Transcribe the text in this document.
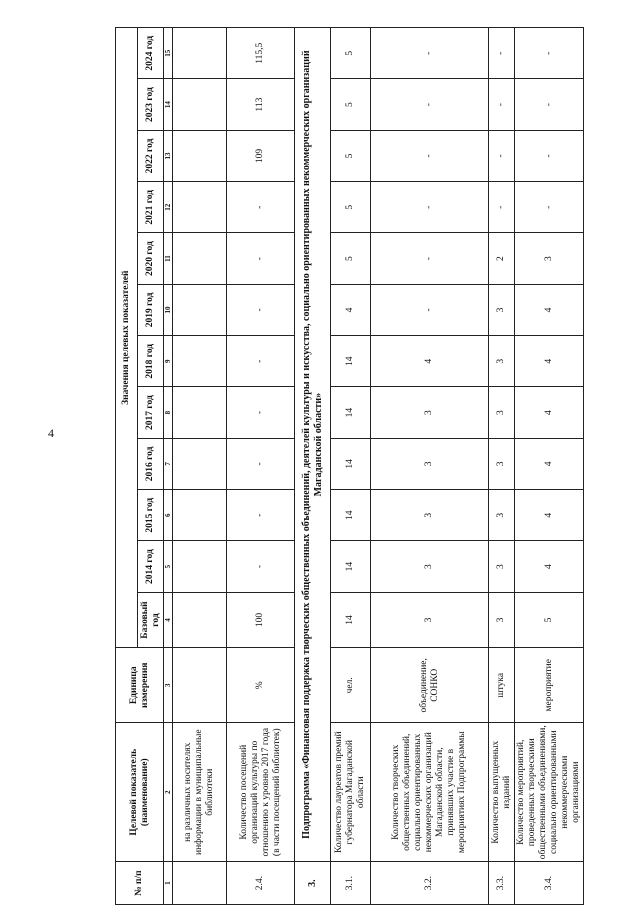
4
№ п/п	Целевой показатель (наименование)	Единица измерения	Значения целевых показателей											
			Базовый год	2014 год	2015 год	2016 год	2017 год	2018 год	2019 год	2020 год	2021 год	2022 год	2023 год	2024 год
1	2	3	4	5	6	7	8	9	10	11	12	13	14	15
	на различных носителях информации в муниципальные библиотеки													
2.4.	Количество посещений организаций культуры по отношению к уровню 2017 года (в части посещений библиотек)	%	100	-	-	-	-	-	-	-	-	109	113	115,5
3.	Подпрограмма «Финансовая поддержка творческих общественных объединений, деятелей культуры и искусства, социально ориентированных некоммерческих организаций Магаданской области»													
3.1.	Количество лауреатов премий губернатора Магаданской области	чел.	14	14	14	14	14	14	4	5	5	5	5	5
3.2.	Количество творческих общественных объединений, социально ориентированных некоммерческих организаций Магаданской области, принявших участие в мероприятиях Подпрограммы	объединение, СОНКО	3	3	3	3	3	4	-	-	-	-	-	-
3.3.	Количество выпущенных изданий	штука	3	3	3	3	3	3	3	2	-	-	-	-
3.4.	Количество мероприятий, проведенных творческими общественными объединениями, социально ориентированными некоммерческими организациями	мероприятие	5	4	4	4	4	4	4	3	-	-	-	-
